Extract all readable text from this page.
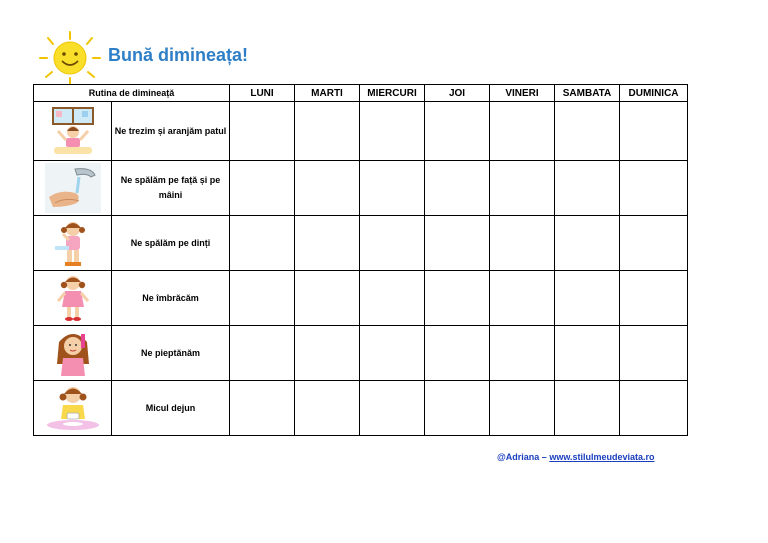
Bună dimineața!
Rutina de dimineață		LUNI	MARTI	MIERCURI	JOI	VINERI	SAMBATA	DUMINICA

	Ne trezim și aranjăm patul							

	Ne spălăm pe față și pe mâini							

	Ne spălăm pe dinți							

	Ne îmbrăcăm							

	Ne pieptănăm							

	Micul dejun							
@Adriana – www.stilulmeudeviata.ro
